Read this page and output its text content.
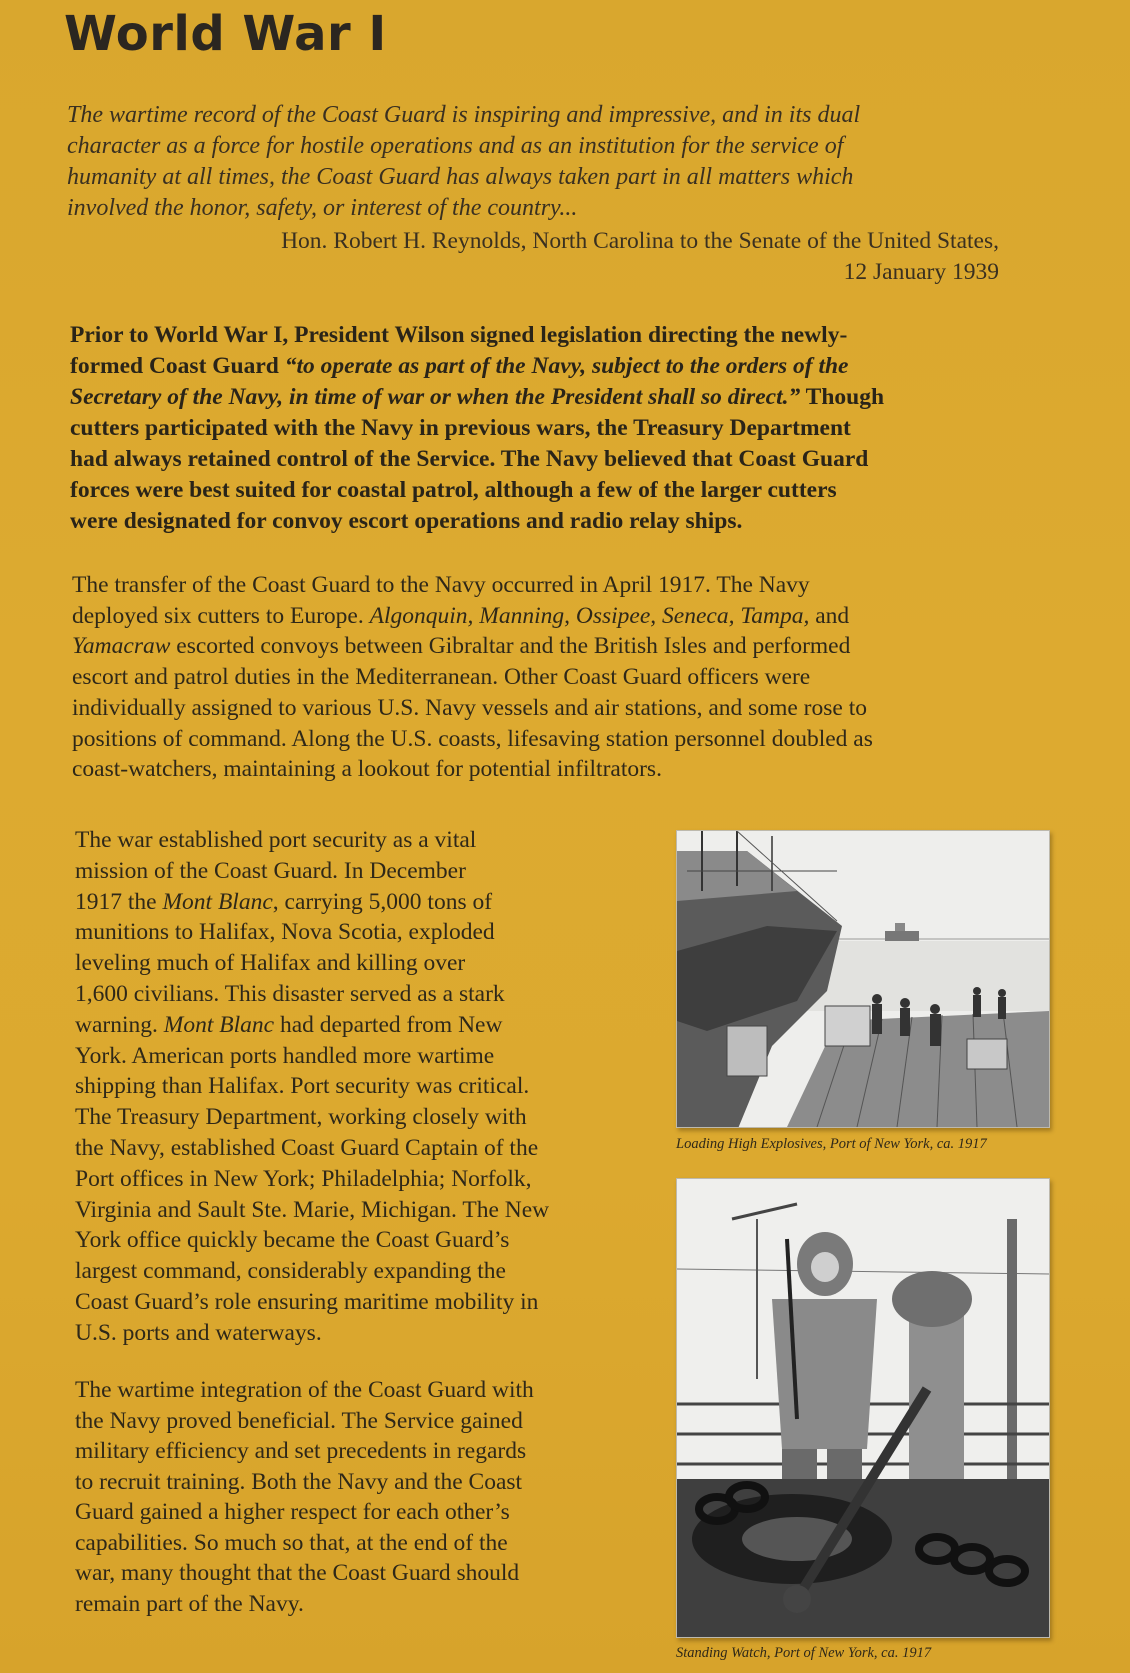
World War I
The wartime record of the Coast Guard is inspiring and impressive, and in its dual
character as a force for hostile operations and as an institution for the service of
humanity at all times, the Coast Guard has always taken part in all matters which
involved the honor, safety, or interest of the country...
Hon. Robert H. Reynolds, North Carolina to the Senate of the United States,
12 January 1939
Prior to World War I, President Wilson signed legislation directing the newly-
formed Coast Guard “to operate as part of the Navy, subject to the orders of the
Secretary of the Navy, in time of war or when the President shall so direct.” Though
cutters participated with the Navy in previous wars, the Treasury Department
had always retained control of the Service. The Navy believed that Coast Guard
forces were best suited for coastal patrol, although a few of the larger cutters
were designated for convoy escort operations and radio relay ships.
The transfer of the Coast Guard to the Navy occurred in April 1917. The Navy
deployed six cutters to Europe. Algonquin, Manning, Ossipee, Seneca, Tampa, and
Yamacraw escorted convoys between Gibraltar and the British Isles and performed
escort and patrol duties in the Mediterranean. Other Coast Guard officers were
individually assigned to various U.S. Navy vessels and air stations, and some rose to
positions of command. Along the U.S. coasts, lifesaving station personnel doubled as
coast-watchers, maintaining a lookout for potential infiltrators.
The war established port security as a vital
mission of the Coast Guard. In December
1917 the Mont Blanc, carrying 5,000 tons of
munitions to Halifax, Nova Scotia, exploded
leveling much of Halifax and killing over
1,600 civilians. This disaster served as a stark
warning. Mont Blanc had departed from New
York. American ports handled more wartime
shipping than Halifax. Port security was critical.
The Treasury Department, working closely with
the Navy, established Coast Guard Captain of the
Port offices in New York; Philadelphia; Norfolk,
Virginia and Sault Ste. Marie, Michigan. The New
York office quickly became the Coast Guard’s
largest command, considerably expanding the
Coast Guard’s role ensuring maritime mobility in
U.S. ports and waterways.
The wartime integration of the Coast Guard with
the Navy proved beneficial. The Service gained
military efficiency and set precedents in regards
to recruit training. Both the Navy and the Coast
Guard gained a higher respect for each other’s
capabilities. So much so that, at the end of the
war, many thought that the Coast Guard should
remain part of the Navy.
Loading High Explosives, Port of New York, ca. 1917
Standing Watch, Port of New York, ca. 1917
